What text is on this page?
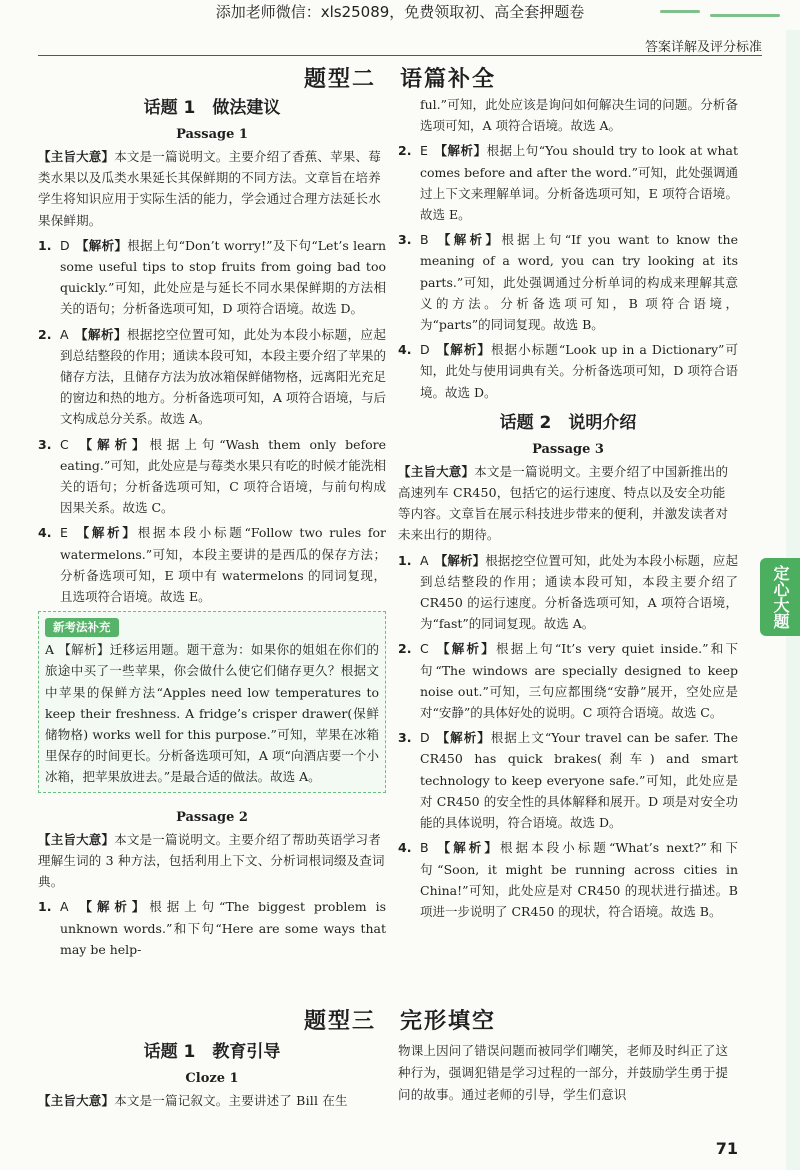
添加老师微信：xls25089，免费领取初、高全套押题卷
答案详解及评分标准
题型二　语篇补全
话题 1　做法建议
Passage 1
【主旨大意】本文是一篇说明文。主要介绍了香蕉、苹果、莓类水果以及瓜类水果延长其保鲜期的不同方法。文章旨在培养学生将知识应用于实际生活的能力，学会通过合理方法延长水果保鲜期。
1. D 【解析】根据上句“Don’t worry!”及下句“Let’s learn some useful tips to stop fruits from going bad too quickly.”可知，此处应是与延长不同水果保鲜期的方法相关的语句；分析备选项可知，D 项符合语境。故选 D。
2. A 【解析】根据挖空位置可知，此处为本段小标题，应起到总结整段的作用；通读本段可知，本段主要介绍了苹果的储存方法，且储存方法为放冰箱保鲜储物格，远离阳光充足的窗边和热的地方。分析备选项可知，A 项符合语境，与后文构成总分关系。故选 A。
3. C 【解析】根据上句“Wash them only before eating.”可知，此处应是与莓类水果只有吃的时候才能洗相关的语句；分析备选项可知，C 项符合语境，与前句构成因果关系。故选 C。
4. E 【解析】根据本段小标题“Follow two rules for watermelons.”可知，本段主要讲的是西瓜的保存方法；分析备选项可知，E 项中有 watermelons 的同词复现，且选项符合语境。故选 E。
新考法补充
A 【解析】迁移运用题。题干意为：如果你的姐姐在你们的旅途中买了一些苹果，你会做什么使它们储存更久？根据文中苹果的保鲜方法“Apples need low temperatures to keep their freshness. A fridge’s crisper drawer(保鲜储物格) works well for this purpose.”可知，苹果在冰箱里保存的时间更长。分析备选项可知，A 项“向酒店要一个小冰箱，把苹果放进去。”是最合适的做法。故选 A。
Passage 2
【主旨大意】本文是一篇说明文。主要介绍了帮助英语学习者理解生词的 3 种方法，包括利用上下文、分析词根词缀及查词典。
1. A 【解析】根据上句“The biggest problem is unknown words.”和下句“Here are some ways that may be help-
ful.”可知，此处应该是询问如何解决生词的问题。分析备选项可知，A 项符合语境。故选 A。
2. E 【解析】根据上句“You should try to look at what comes before and after the word.”可知，此处强调通过上下文来理解单词。分析备选项可知，E 项符合语境。故选 E。
3. B 【解析】根据上句“If you want to know the meaning of a word, you can try looking at its parts.”可知，此处强调通过分析单词的构成来理解其意义的方法。分析备选项可知，B 项符合语境，为“parts”的同词复现。故选 B。
4. D 【解析】根据小标题“Look up in a Dictionary”可知，此处与使用词典有关。分析备选项可知，D 项符合语境。故选 D。
话题 2　说明介绍
Passage 3
【主旨大意】本文是一篇说明文。主要介绍了中国新推出的高速列车 CR450，包括它的运行速度、特点以及安全功能等内容。文章旨在展示科技进步带来的便利，并激发读者对未来出行的期待。
1. A 【解析】根据挖空位置可知，此处为本段小标题，应起到总结整段的作用；通读本段可知，本段主要介绍了 CR450 的运行速度。分析备选项可知，A 项符合语境，为“fast”的同词复现。故选 A。
2. C 【解析】根据上句“It’s very quiet inside.”和下句“The windows are specially designed to keep noise out.”可知，三句应都围绕“安静”展开，空处应是对“安静”的具体好处的说明。C 项符合语境。故选 C。
3. D 【解析】根据上文“Your travel can be safer. The CR450 has quick brakes(刹车) and smart technology to keep everyone safe.”可知，此处应是对 CR450 的安全性的具体解释和展开。D 项是对安全功能的具体说明，符合语境。故选 D。
4. B 【解析】根据本段小标题“What’s next?”和下句“Soon, it might be running across cities in China!”可知，此处应是对 CR450 的现状进行描述。B 项进一步说明了 CR450 的现状，符合语境。故选 B。
定心大题
题型三　完形填空
话题 1　教育引导
Cloze 1
【主旨大意】本文是一篇记叙文。主要讲述了 Bill 在生
物课上因问了错误问题而被同学们嘲笑，老师及时纠正了这种行为，强调犯错是学习过程的一部分，并鼓励学生勇于提问的故事。通过老师的引导，学生们意识
71
